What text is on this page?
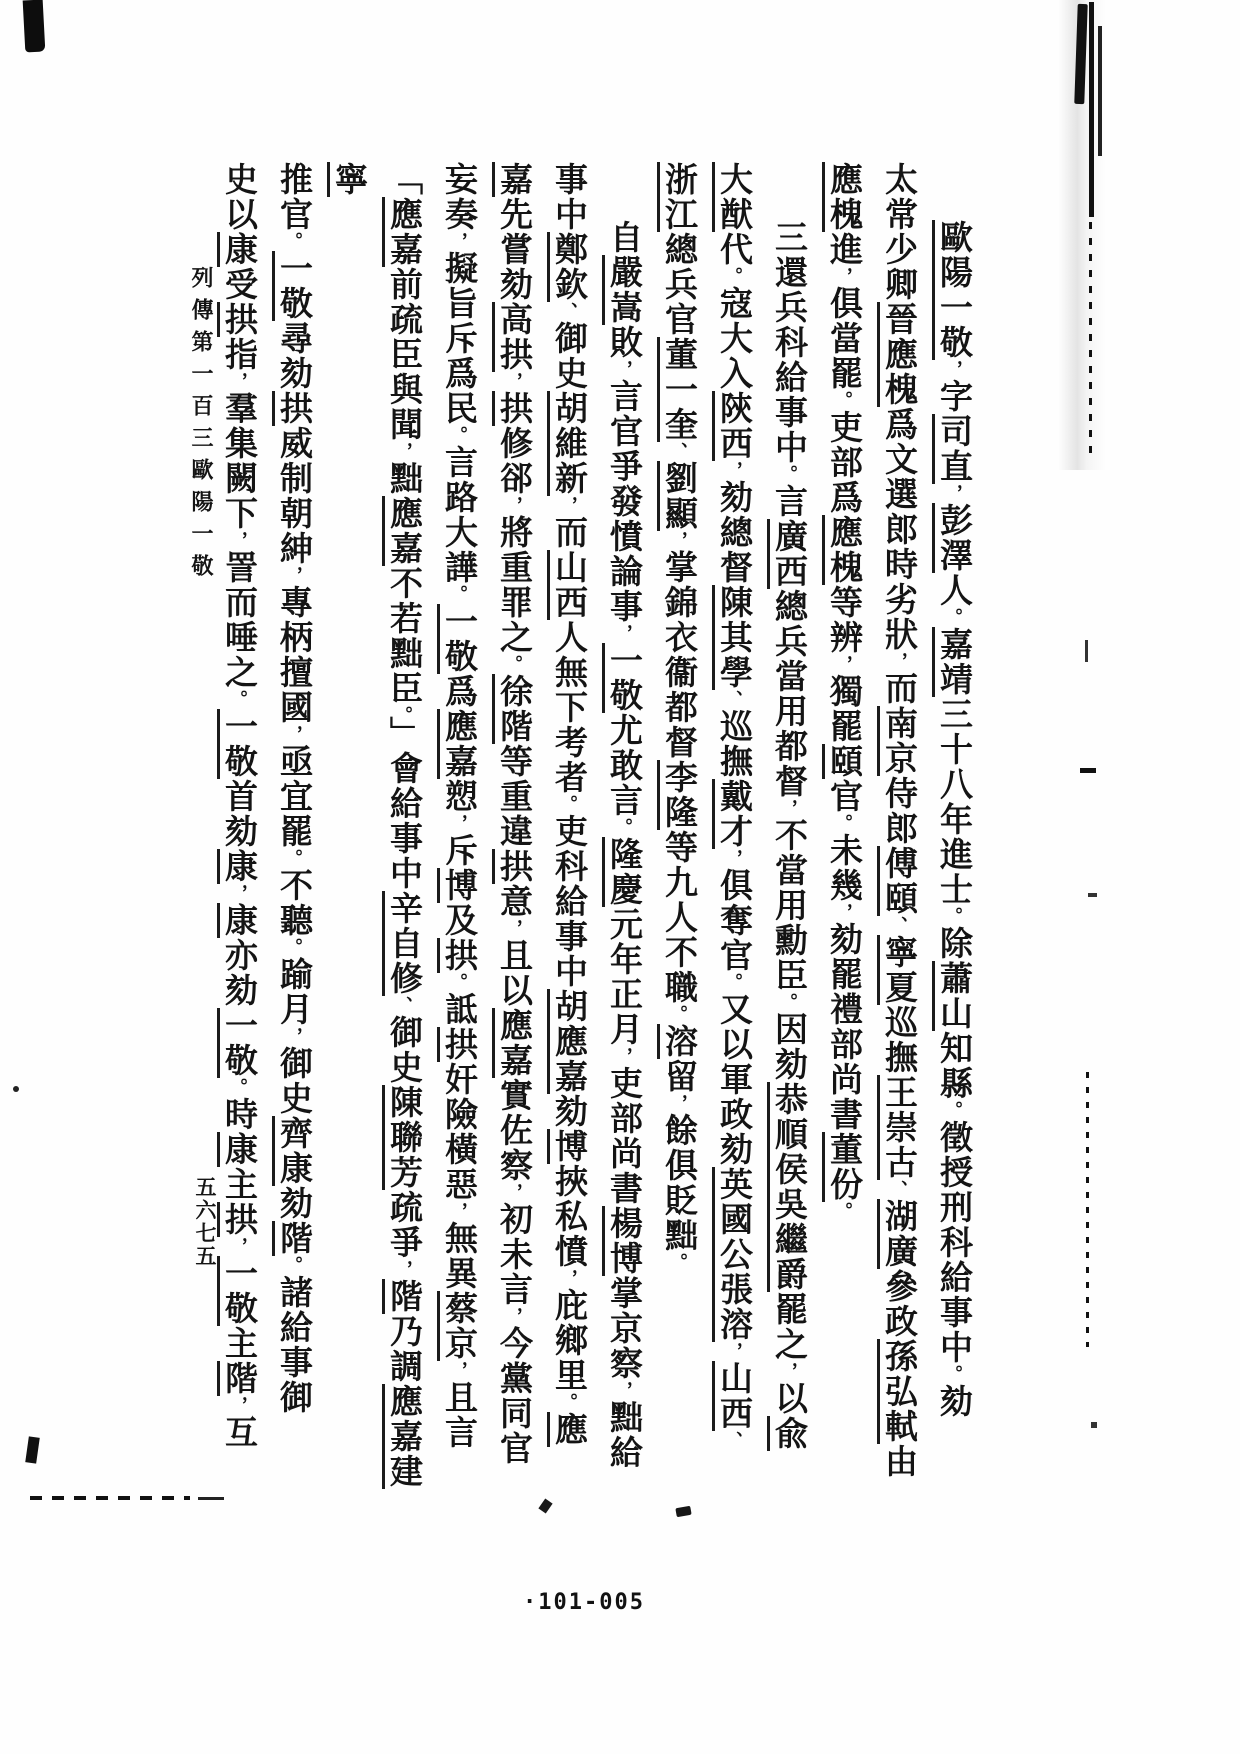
歐陽一敬，字司直，彭澤人。嘉靖三十八年進士。除蕭山知縣。徵授刑科給事中。劾

太常少卿晉應槐爲文選郎時劣狀，而南京侍郎傅頤、寧夏巡撫王崇古、湖廣參政孫弘軾由

應槐進，俱當罷。吏部爲應槐等辨，獨罷頤官。未幾，劾罷禮部尚書董份。

三還兵科給事中。言廣西總兵當用都督，不當用勳臣。因劾恭順侯吳繼爵罷之，以兪

大猷代。寇大入陝西，劾總督陳其學、巡撫戴才，俱奪官。又以軍政劾英國公張溶，山西、

浙江總兵官董一奎、劉顯，掌錦衣衞都督李隆等九人不職。溶留，餘俱貶黜。

自嚴嵩敗，言官爭發憤論事，一敬尤敢言。隆慶元年正月，吏部尚書楊博掌京察，黜給

事中鄭欽、御史胡維新，而山西人無下考者。吏科給事中胡應嘉劾博挾私憤，庇鄉里。應

嘉先嘗劾高拱，拱修郤，將重罪之。徐階等重違拱意，且以應嘉實佐察，初未言，今黨同官

妄奏，擬旨斥爲民。言路大譁。一敬爲應嘉愬，斥博及拱。詆拱奸險橫惡，無異蔡京，且言

「應嘉前疏臣與聞，黜應嘉不若黜臣。」會給事中辛自修、御史陳聯芳疏爭，階乃調應嘉建寧

推官。一敬尋劾拱威制朝紳，專柄擅國，亟宜罷。不聽。踰月，御史齊康劾階。諸給事御

史以康受拱指，羣集闕下，詈而唾之。一敬首劾康，康亦劾一敬。時康主拱，一敬主階，互

列傳第一百三歐陽一敬
五六七五
·101-005
